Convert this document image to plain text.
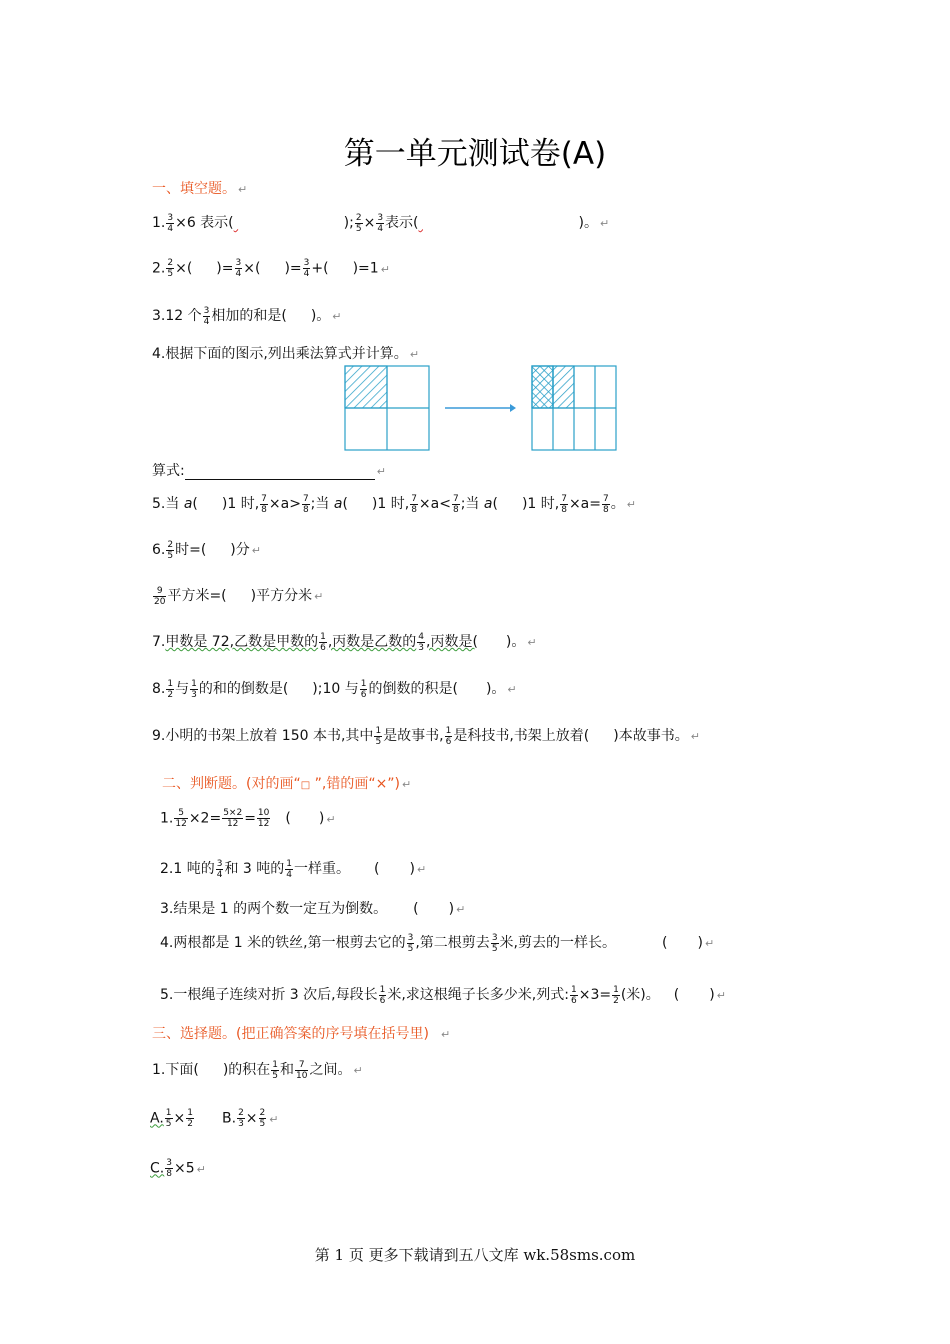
第一单元测试卷(A)
一、填空题。 ↵
1. $\frac{3}{4} \times 6$ 表示(	); $\frac{2}{5} \times \frac{3}{4}$ 表示(	)。 ↵
2. $\frac{2}{5}$ ×( )= $\frac{3}{4}$ ×( )= $\frac{3}{4}$ +( )=1 ↵
3.12 个 $\frac{3}{4}$ 相加的和是( )。 ↵
4.根据下面的图示,列出乘法算式并计算。 ↵
算式:	↵
5.当 a( )1 时, $\frac{7}{8} \times a> \frac{7}{8}$ ;当 a( )1 时, $\frac{7}{8} \times a< \frac{7}{8}$ ;当 a( )1 时, $\frac{7}{8} \times a= \frac{7}{8}$ 。 ↵
6. $\frac{2}{5}$ 时=( )分 ↵
$\frac{9}{20}$ 平方米=( )平方分米 ↵
7.甲数是 72,乙数是甲数的 $\frac{1}{6}$ ,丙数是乙数的 $\frac{4}{3}$ ,丙数是( )。 ↵
8. $\frac{1}{2}$ 与 $\frac{1}{3}$ 的和的倒数是( );10 与 $\frac{1}{6}$ 的倒数的积是( )。 ↵
9.小明的书架上放着 150 本书,其中 $\frac{1}{5}$ 是故事书, $\frac{1}{6}$ 是科技书,书架上放着( )本故事书。 ↵
二、判断题。(对的画“□ ”,错的画“×”) ↵
1. $\frac{5}{12} \times 2= \frac{5\times 2}{12} = \frac{10}{12}$ ( ) ↵
2.1 吨的 $\frac{3}{4}$ 和 3 吨的 $\frac{1}{4}$ 一样重。 ( ) ↵
3.结果是 1 的两个数一定互为倒数。 ( ) ↵
4.两根都是 1 米的铁丝,第一根剪去它的 $\frac{3}{5}$ ,第二根剪去 $\frac{3}{5}$ 米,剪去的一样长。	( ) ↵
5.一根绳子连续对折 3 次后,每段长 $\frac{1}{6}$ 米,求这根绳子长多少米,列式: $\frac{1}{6} \times 3= \frac{1}{2}$ (米)。 ( ) ↵
三、选择题。(把正确答案的序号填在括号里) ↵
1.下面( )的积在 $\frac{1}{5}$ 和 $\frac{7}{10}$ 之间。 ↵
A. $\frac{1}{5} \times \frac{1}{2} B$. $\frac{2}{3} \times \frac{2}{5}$ ↵
C. $\frac{3}{8} \times 5$ ↵
第 1 页 更多下载请到五八文库 wk.58sms.com
